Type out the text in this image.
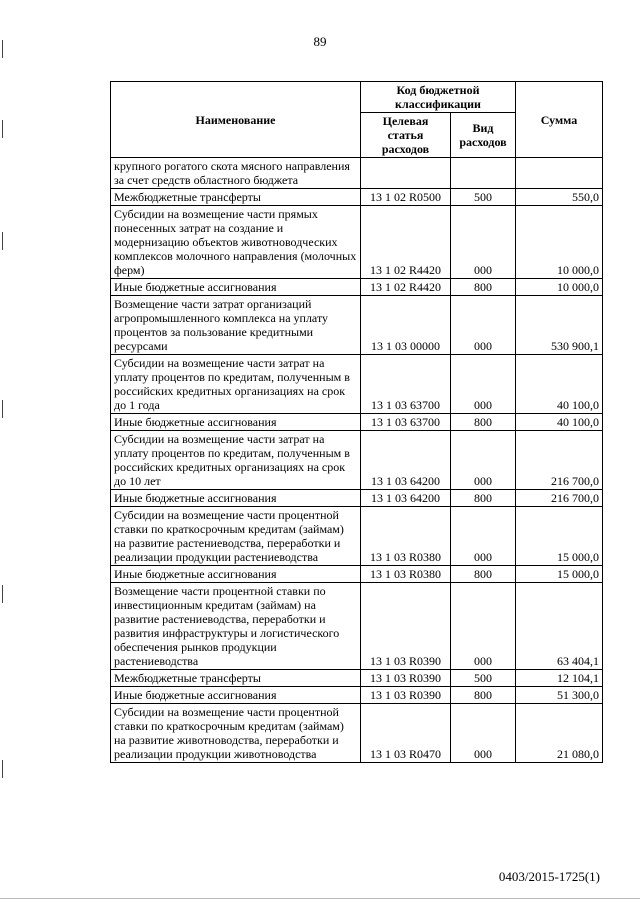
89
Наименование	Код бюджетной классификации		Сумма
	Целевая статья расходов	Вид расходов	
крупного рогатого скота мясного направления за счет средств областного бюджета			
Межбюджетные трансферты	13 1 02 R0500	500	550,0
Субсидии на возмещение части прямых понесенных затрат на создание и модернизацию объектов животноводческих комплексов молочного направления (молочных ферм)	13 1 02 R4420	000	10 000,0
Иные бюджетные ассигнования	13 1 02 R4420	800	10 000,0
Возмещение части затрат организаций агропромышленного комплекса на уплату процентов за пользование кредитными ресурсами	13 1 03 00000	000	530 900,1
Субсидии на возмещение части затрат на уплату процентов по кредитам, полученным в российских кредитных организациях на срок до 1 года	13 1 03 63700	000	40 100,0
Иные бюджетные ассигнования	13 1 03 63700	800	40 100,0
Субсидии на возмещение части затрат на уплату процентов по кредитам, полученным в российских кредитных организациях на срок до 10 лет	13 1 03 64200	000	216 700,0
Иные бюджетные ассигнования	13 1 03 64200	800	216 700,0
Субсидии на возмещение части процентной ставки по краткосрочным кредитам (займам) на развитие растениеводства, переработки и реализации продукции растениеводства	13 1 03 R0380	000	15 000,0
Иные бюджетные ассигнования	13 1 03 R0380	800	15 000,0
Возмещение части процентной ставки по инвестиционным кредитам (займам) на развитие растениеводства, переработки и развития инфраструктуры и логистического обеспечения рынков продукции растениеводства	13 1 03 R0390	000	63 404,1
Межбюджетные трансферты	13 1 03 R0390	500	12 104,1
Иные бюджетные ассигнования	13 1 03 R0390	800	51 300,0
Субсидии на возмещение части процентной ставки по краткосрочным кредитам (займам) на развитие животноводства, переработки и реализации продукции животноводства	13 1 03 R0470	000	21 080,0
0403/2015-1725(1)
